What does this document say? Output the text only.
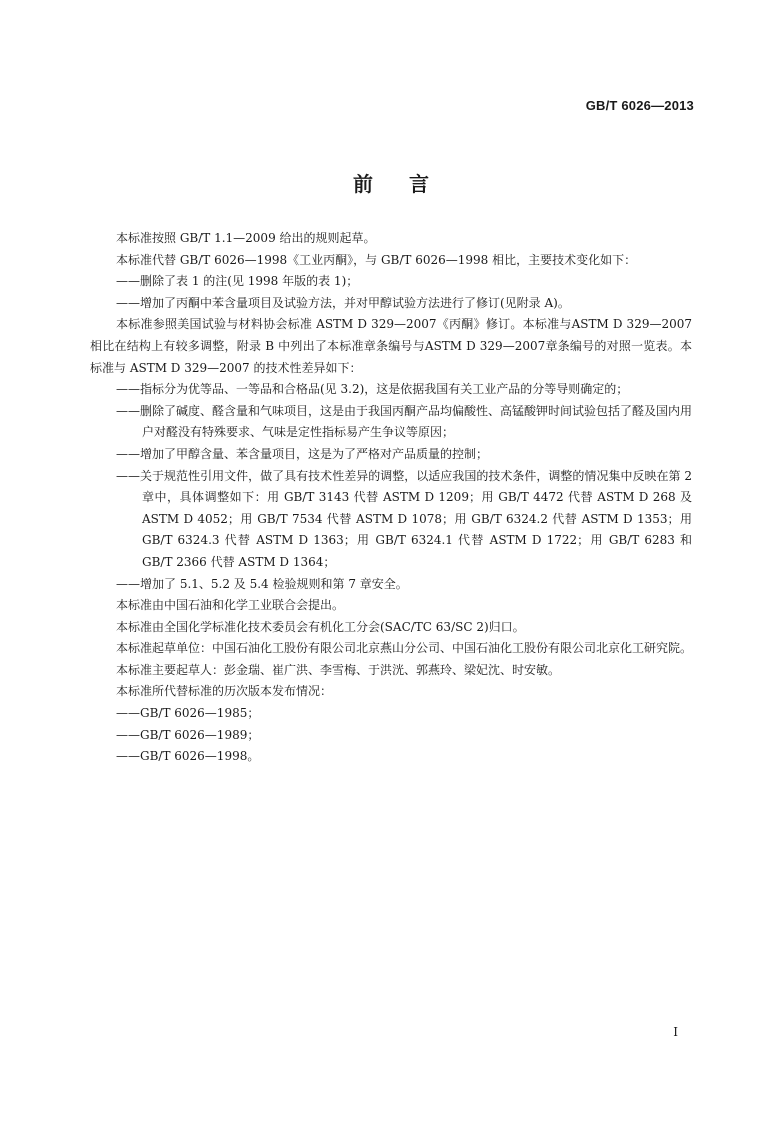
GB/T 6026—2013
前言

本标准按照 GB/T 1.1—2009 给出的规则起草。

本标准代替 GB/T 6026—1998《工业丙酮》，与 GB/T 6026—1998 相比，主要技术变化如下：

——删除了表 1 的注(见 1998 年版的表 1)；

——增加了丙酮中苯含量项目及试验方法，并对甲醇试验方法进行了修订(见附录 A)。

本标准参照美国试验与材料协会标准 ASTM D 329—2007《丙酮》修订。本标准与ASTM D 329—2007相比在结构上有较多调整，附录 B 中列出了本标准章条编号与ASTM D 329—2007章条编号的对照一览表。本标准与 ASTM D 329—2007 的技术性差异如下：

——指标分为优等品、一等品和合格品(见 3.2)，这是依据我国有关工业产品的分等导则确定的；

——删除了碱度、醛含量和气味项目，这是由于我国丙酮产品均偏酸性、高锰酸钾时间试验包括了醛及国内用户对醛没有特殊要求、气味是定性指标易产生争议等原因；

——增加了甲醇含量、苯含量项目，这是为了严格对产品质量的控制；

——关于规范性引用文件，做了具有技术性差异的调整，以适应我国的技术条件，调整的情况集中反映在第 2 章中，具体调整如下：用 GB/T 3143 代替 ASTM D 1209；用 GB/T 4472 代替 ASTM D 268 及 ASTM D 4052；用 GB/T 7534 代替 ASTM D 1078；用 GB/T 6324.2 代替 ASTM D 1353；用 GB/T 6324.3 代替 ASTM D 1363；用 GB/T 6324.1 代替 ASTM D 1722；用 GB/T 6283 和 GB/T 2366 代替 ASTM D 1364；

——增加了 5.1、5.2 及 5.4 检验规则和第 7 章安全。

本标准由中国石油和化学工业联合会提出。

本标准由全国化学标准化技术委员会有机化工分会(SAC/TC 63/SC 2)归口。

本标准起草单位：中国石油化工股份有限公司北京燕山分公司、中国石油化工股份有限公司北京化工研究院。

本标准主要起草人：彭金瑞、崔广洪、李雪梅、于洪洸、郭燕玲、梁妃沈、时安敏。

本标准所代替标准的历次版本发布情况：

——GB/T 6026—1985；

——GB/T 6026—1989；

——GB/T 6026—1998。

I
